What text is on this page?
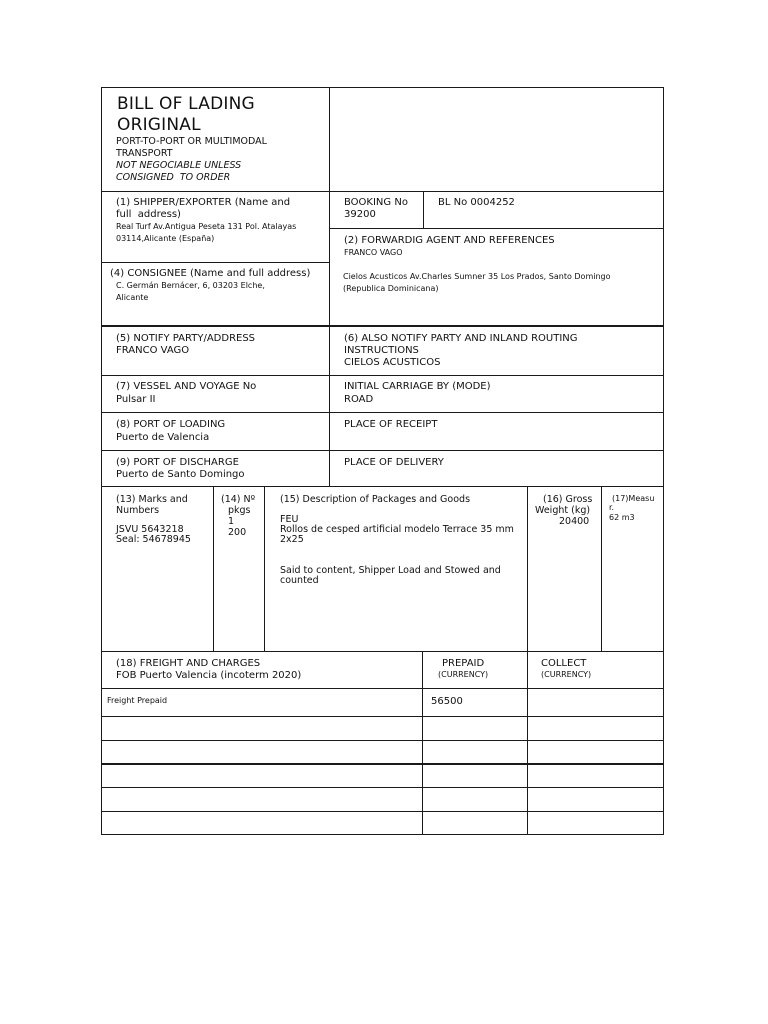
BILL OF LADING
ORIGINAL
PORT-TO-PORT OR MULTIMODAL
TRANSPORT
NOT NEGOCIABLE UNLESS
CONSIGNED  TO ORDER
(1) SHIPPER/EXPORTER (Name and
full  address)
Real Turf Av.Antigua Peseta 131 Pol. Atalayas
03114,Alicante (España)
BOOKING No
39200
BL No 0004252
(2) FORWARDIG AGENT AND REFERENCES
FRANCO VAGO
Cielos Acusticos Av.Charles Sumner 35 Los Prados, Santo Domingo
(Republica Dominicana)
(4) CONSIGNEE (Name and full address)
C. Germán Bernácer, 6, 03203 Elche,
Alicante
(5) NOTIFY PARTY/ADDRESS
FRANCO VAGO
(6) ALSO NOTIFY PARTY AND INLAND ROUTING
INSTRUCTIONS
CIELOS ACUSTICOS
(7) VESSEL AND VOYAGE No
Pulsar II
INITIAL CARRIAGE BY (MODE)
ROAD
(8) PORT OF LOADING
Puerto de Valencia
PLACE OF RECEIPT
(9) PORT OF DISCHARGE
Puerto de Santo Domingo
PLACE OF DELIVERY
(13) Marks and
Numbers
JSVU 5643218
Seal: 54678945
(14) Nº
pkgs
1
200
(15) Description of Packages and Goods
FEU
Rollos de cesped artificial modelo Terrace 35 mm
2x25
Said to content, Shipper Load and Stowed and
counted
(16) Gross
Weight (kg)
20400
(17)Measu
r.
62 m3
(18) FREIGHT AND CHARGES
FOB Puerto Valencia (incoterm 2020)
PREPAID
(CURRENCY)
COLLECT
(CURRENCY)
Freight Prepaid	56500
